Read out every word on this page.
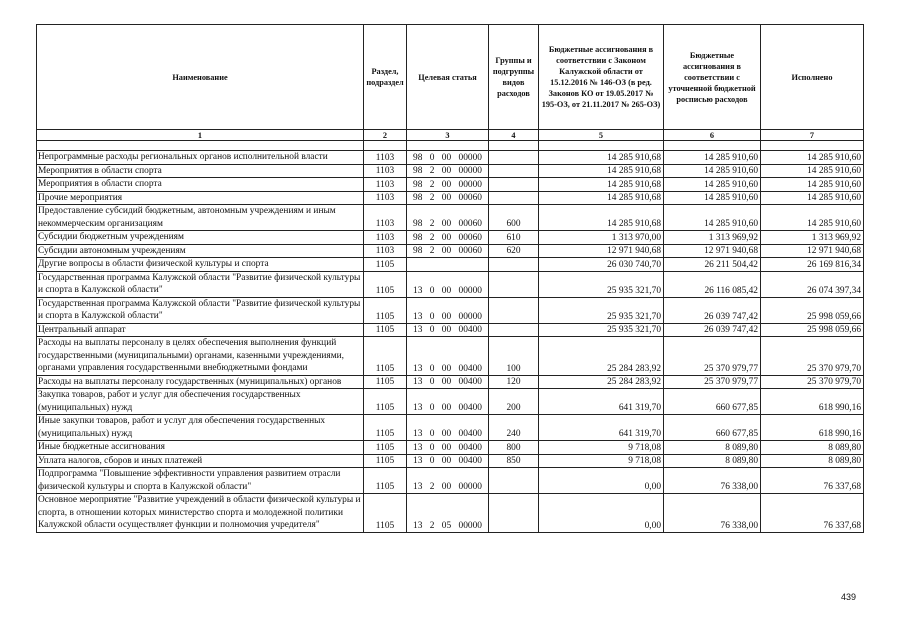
Наименование	Раздел, подраздел	Целевая статья	Группы и подгруппы видов расходов	Бюджетные ассигнования в соответствии с Законом Калужской области от 15.12.2016 № 146-ОЗ (в ред. Законов КО от 19.05.2017 № 195-ОЗ, от 21.11.2017 № 265-ОЗ)	Бюджетные ассигнования в соответствии с уточненной бюджетной росписью расходов	Исполнено
1	2	3	4	5	6	7

Непрограммные расходы региональных органов исполнительной власти	1103	98 0 00 00000		14 285 910,68	14 285 910,60	14 285 910,60
Мероприятия в области спорта	1103	98 2 00 00000		14 285 910,68	14 285 910,60	14 285 910,60
Мероприятия в области спорта	1103	98 2 00 00000		14 285 910,68	14 285 910,60	14 285 910,60
Прочие мероприятия	1103	98 2 00 00060		14 285 910,68	14 285 910,60	14 285 910,60
Предоставление субсидий бюджетным, автономным учреждениям и иным некоммерческим организациям	1103	98 2 00 00060	600	14 285 910,68	14 285 910,60	14 285 910,60
Субсидии бюджетным учреждениям	1103	98 2 00 00060	610	1 313 970,00	1 313 969,92	1 313 969,92
Субсидии автономным учреждениям	1103	98 2 00 00060	620	12 971 940,68	12 971 940,68	12 971 940,68
Другие вопросы в области физической культуры и спорта	1105			26 030 740,70	26 211 504,42	26 169 816,34
Государственная программа Калужской области "Развитие физической культуры и спорта в Калужской области"	1105	13 0 00 00000		25 935 321,70	26 116 085,42	26 074 397,34
Государственная программа Калужской области "Развитие физической культуры и спорта в Калужской области"	1105	13 0 00 00000		25 935 321,70	26 039 747,42	25 998 059,66
Центральный аппарат	1105	13 0 00 00400		25 935 321,70	26 039 747,42	25 998 059,66
Расходы на выплаты персоналу в целях обеспечения выполнения функций государственными (муниципальными) органами, казенными учреждениями, органами управления государственными внебюджетными фондами	1105	13 0 00 00400	100	25 284 283,92	25 370 979,77	25 370 979,70
Расходы на выплаты персоналу государственных (муниципальных) органов	1105	13 0 00 00400	120	25 284 283,92	25 370 979,77	25 370 979,70
Закупка товаров, работ и услуг для обеспечения государственных (муниципальных) нужд	1105	13 0 00 00400	200	641 319,70	660 677,85	618 990,16
Иные закупки товаров, работ и услуг для обеспечения государственных (муниципальных) нужд	1105	13 0 00 00400	240	641 319,70	660 677,85	618 990,16
Иные бюджетные ассигнования	1105	13 0 00 00400	800	9 718,08	8 089,80	8 089,80
Уплата налогов, сборов и иных платежей	1105	13 0 00 00400	850	9 718,08	8 089,80	8 089,80
Подпрограмма "Повышение эффективности управления развитием отрасли физической культуры и спорта в Калужской области"	1105	13 2 00 00000		0,00	76 338,00	76 337,68
Основное мероприятие "Развитие учреждений в области физической культуры и спорта, в отношении которых министерство спорта и молодежной политики Калужской области осуществляет функции и полномочия учредителя"	1105	13 2 05 00000		0,00	76 338,00	76 337,68
439
